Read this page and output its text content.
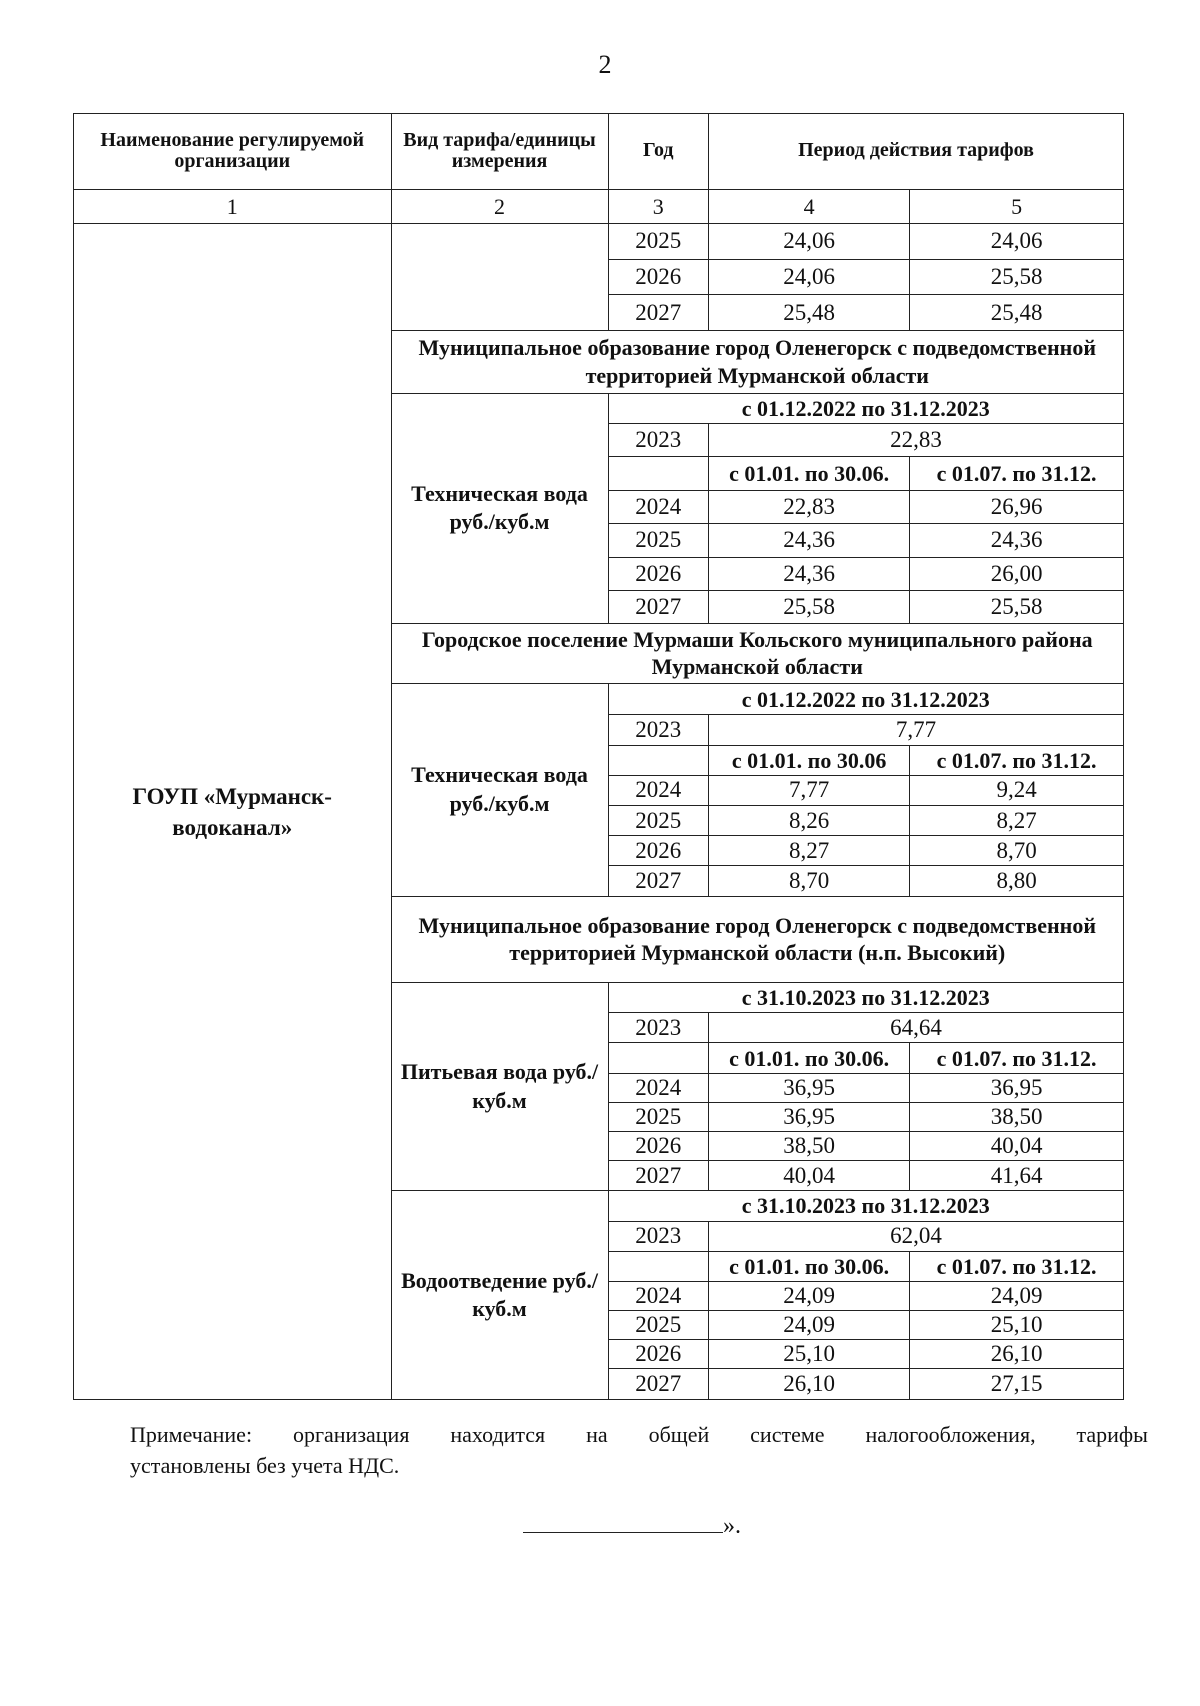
2
Наименование регулируемой организации	Вид тарифа/единицы измерения	Год	Период действия тарифов	
1	2	3	4	5
ГОУП «Мурманск-водоканал»		2025	24,06	24,06
		2026	24,06	25,58
		2027	25,48	25,48
	Муниципальное образование город Оленегорск с подведомственной территорией Мурманской области			
	Техническая вода руб./куб.м	с 01.12.2022 по 31.12.2023		
		2023	22,83	
			с 01.01. по 30.06.	с 01.07. по 31.12.
		2024	22,83	26,96
		2025	24,36	24,36
		2026	24,36	26,00
		2027	25,58	25,58
	Городское поселение Мурмаши Кольского муниципального района Мурманской области			
	Техническая вода руб./куб.м	с 01.12.2022 по 31.12.2023		
		2023	7,77	
			с 01.01. по 30.06	с 01.07. по 31.12.
		2024	7,77	9,24
		2025	8,26	8,27
		2026	8,27	8,70
		2027	8,70	8,80
	Муниципальное образование город Оленегорск с подведомственной территорией Мурманской области (н.п. Высокий)			
	Питьевая вода руб./куб.м	с 31.10.2023 по 31.12.2023		
		2023	64,64	
			с 01.01. по 30.06.	с 01.07. по 31.12.
		2024	36,95	36,95
		2025	36,95	38,50
		2026	38,50	40,04
		2027	40,04	41,64
	Водоотведение руб./куб.м	с 31.10.2023 по 31.12.2023		
		2023	62,04	
			с 01.01. по 30.06.	с 01.07. по 31.12.
		2024	24,09	24,09
		2025	24,09	25,10
		2026	25,10	26,10
		2027	26,10	27,15
Примечание: организация находится на общей системе налогообложения, тарифы
установлены без учета НДС.
».
